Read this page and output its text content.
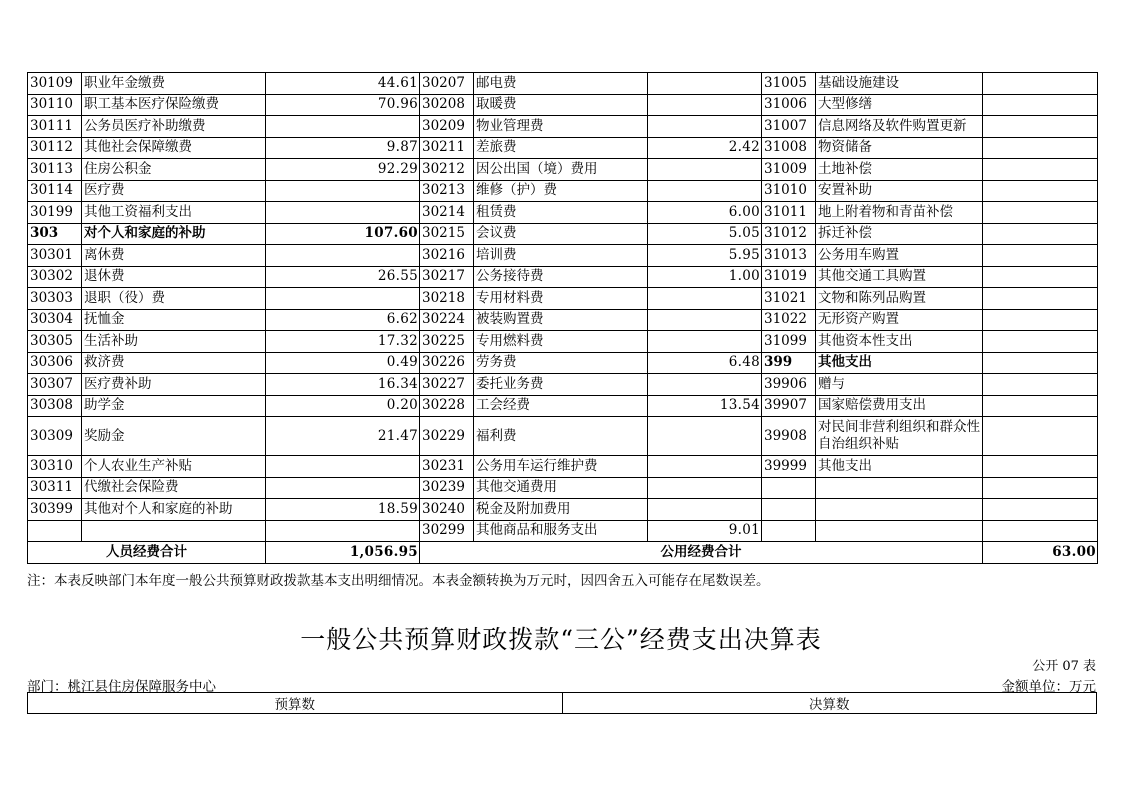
30109	职业年金缴费	44.61	30207	邮电费		31005	基础设施建设	
30110	职工基本医疗保险缴费	70.96	30208	取暖费		31006	大型修缮	
30111	公务员医疗补助缴费		30209	物业管理费		31007	信息网络及软件购置更新	
30112	其他社会保障缴费	9.87	30211	差旅费	2.42	31008	物资储备	
30113	住房公积金	92.29	30212	因公出国（境）费用		31009	土地补偿	
30114	医疗费		30213	维修（护）费		31010	安置补助	
30199	其他工资福利支出		30214	租赁费	6.00	31011	地上附着物和青苗补偿	
303	对个人和家庭的补助	107.60	30215	会议费	5.05	31012	拆迁补偿	
30301	离休费		30216	培训费	5.95	31013	公务用车购置	
30302	退休费	26.55	30217	公务接待费	1.00	31019	其他交通工具购置	
30303	退职（役）费		30218	专用材料费		31021	文物和陈列品购置	
30304	抚恤金	6.62	30224	被装购置费		31022	无形资产购置	
30305	生活补助	17.32	30225	专用燃料费		31099	其他资本性支出	
30306	救济费	0.49	30226	劳务费	6.48	399	其他支出	
30307	医疗费补助	16.34	30227	委托业务费		39906	赠与	
30308	助学金	0.20	30228	工会经费	13.54	39907	国家赔偿费用支出	
30309	奖励金	21.47	30229	福利费		39908	对民间非营利组织和群众性自治组织补贴	
30310	个人农业生产补贴		30231	公务用车运行维护费		39999	其他支出	
30311	代缴社会保险费		30239	其他交通费用				
30399	其他对个人和家庭的补助	18.59	30240	税金及附加费用				
			30299	其他商品和服务支出	9.01			
人员经费合计		1,056.95	公用经费合计					63.00
注：本表反映部门本年度一般公共预算财政拨款基本支出明细情况。本表金额转换为万元时，因四舍五入可能存在尾数误差。
一般公共预算财政拨款“三公”经费支出决算表
公开 07 表
部门：桃江县住房保障服务中心	金额单位：万元
预算数	决算数
